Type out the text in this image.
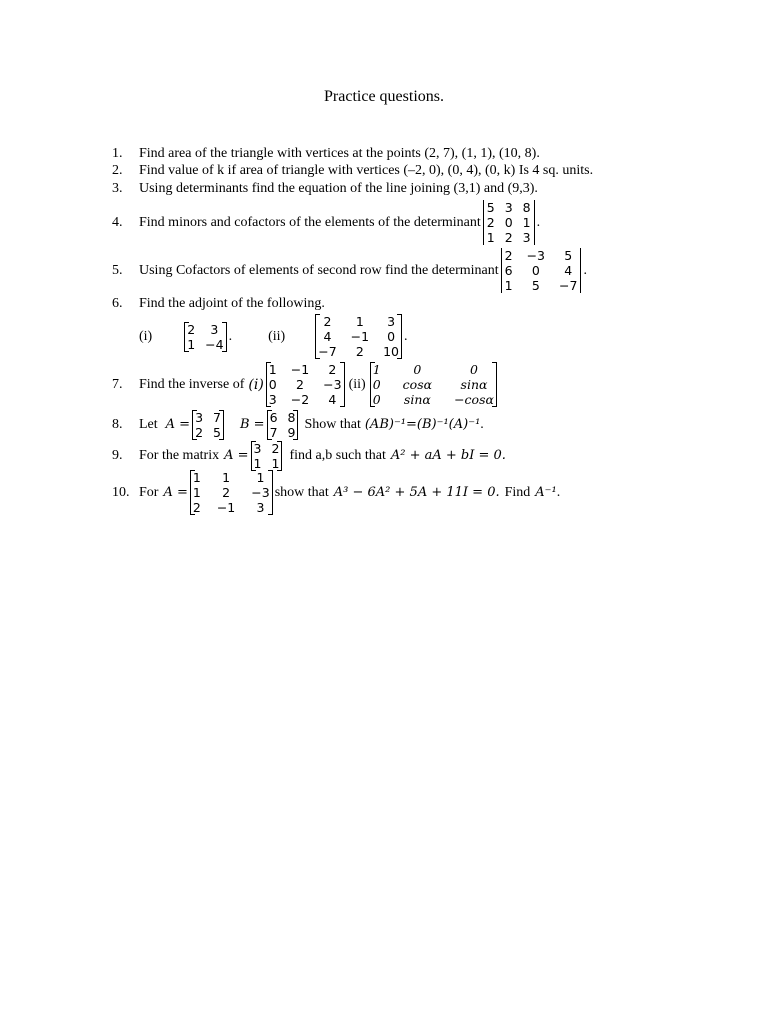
Practice questions.
1.	Find area of the triangle with vertices at the points (2, 7), (1, 1), (10, 8).
2.	Find value of k if area of triangle with vertices (–2, 0), (0, 4), (0, k) Is 4 sq. units.
3.	Using determinants find the equation of the line joining (3,1) and (9,3).
4.	Find minors and cofactors of the elements of the determinant
5 3 8
2 0 1
1 2 3
.
5.	Using Cofactors of elements of second row find the determinant
2 −3	5
6	0	4
1	5	−7
.
6.	Find the adjoint of the following.
(i)	2	3
1 −4
.	(ii)
2	1	3
4	−1	0
−7	2	10
.
7.	Find the inverse of (i)
1 −1	2
0	2	−3
3 −2	4
(ii)
1	0	0
0 cosα	sinα
0 sinα −cosα
8.	Let A = 3 7
2 5
B = 6 8
7 9
Show that (AB)⁻¹=(B)⁻¹(A)⁻¹ .
9.	For the matrix A = 3 2
1 1
find a,b such that A² + aA + bI = 0.
10. For A =
1	1	1
1	2	−3
2 −1	3
show that A³ − 6A² + 5A + 11I = 0. Find A⁻¹ .
